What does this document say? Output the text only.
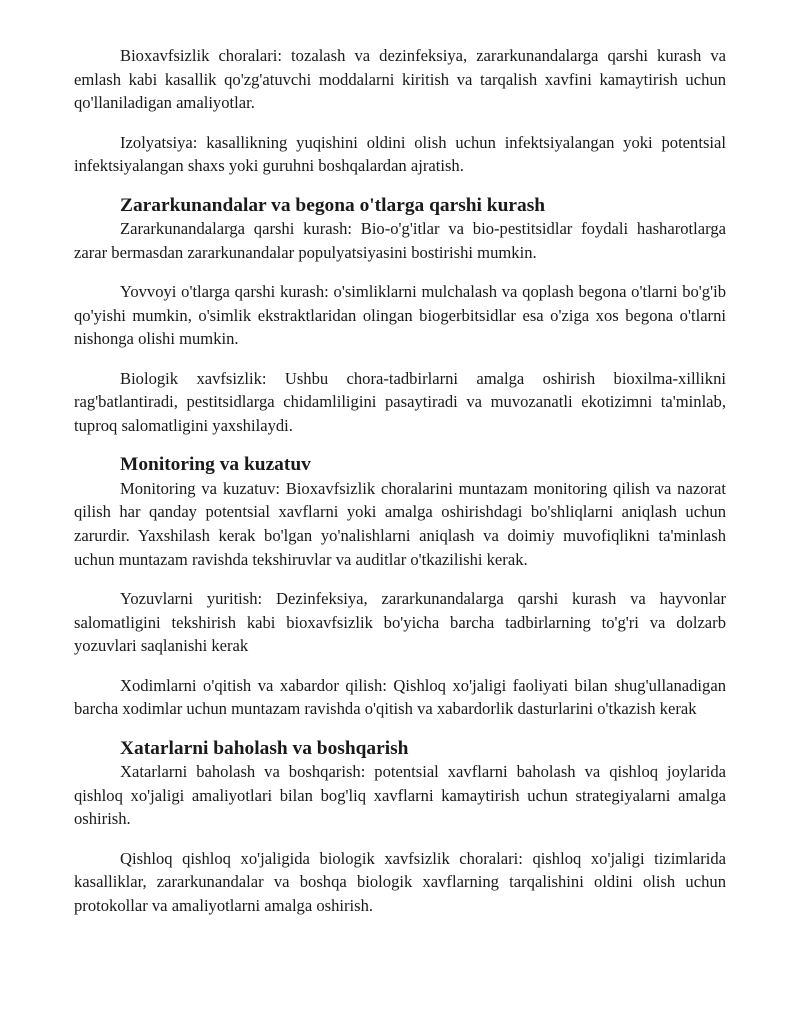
Bioxavfsizlik choralari: tozalash va dezinfeksiya, zararkunandalarga qarshi kurash va emlash kabi kasallik qo'zg'atuvchi moddalarni kiritish va tarqalish xavfini kamaytirish uchun qo'llaniladigan amaliyotlar.

Izolyatsiya: kasallikning yuqishini oldini olish uchun infektsiyalangan yoki potentsial infektsiyalangan shaxs yoki guruhni boshqalardan ajratish.

Zararkunandalar va begona o'tlarga qarshi kurash

Zararkunandalarga qarshi kurash: Bio-o'g'itlar va bio-pestitsidlar foydali hasharotlarga zarar bermasdan zararkunandalar populyatsiyasini bostirishi mumkin.

Yovvoyi o'tlarga qarshi kurash: o'simliklarni mulchalash va qoplash begona o'tlarni bo'g'ib qo'yishi mumkin, o'simlik ekstraktlaridan olingan biogerbitsidlar esa o'ziga xos begona o'tlarni nishonga olishi mumkin.

Biologik xavfsizlik: Ushbu chora-tadbirlarni amalga oshirish bioxilma-xillikni rag'batlantiradi, pestitsidlarga chidamliligini pasaytiradi va muvozanatli ekotizimni ta'minlab, tuproq salomatligini yaxshilaydi.

Monitoring va kuzatuv

Monitoring va kuzatuv: Bioxavfsizlik choralarini muntazam monitoring qilish va nazorat qilish har qanday potentsial xavflarni yoki amalga oshirishdagi bo'shliqlarni aniqlash uchun zarurdir. Yaxshilash kerak bo'lgan yo'nalishlarni aniqlash va doimiy muvofiqlikni ta'minlash uchun muntazam ravishda tekshiruvlar va auditlar o'tkazilishi kerak.

Yozuvlarni yuritish: Dezinfeksiya, zararkunandalarga qarshi kurash va hayvonlar salomatligini tekshirish kabi bioxavfsizlik bo'yicha barcha tadbirlarning to'g'ri va dolzarb yozuvlari saqlanishi kerak

Xodimlarni o'qitish va xabardor qilish: Qishloq xo'jaligi faoliyati bilan shug'ullanadigan barcha xodimlar uchun muntazam ravishda o'qitish va xabardorlik dasturlarini o'tkazish kerak

Xatarlarni baholash va boshqarish

Xatarlarni baholash va boshqarish: potentsial xavflarni baholash va qishloq joylarida qishloq xo'jaligi amaliyotlari bilan bog'liq xavflarni kamaytirish uchun strategiyalarni amalga oshirish.

Qishloq qishloq xo'jaligida biologik xavfsizlik choralari: qishloq xo'jaligi tizimlarida kasalliklar, zararkunandalar va boshqa biologik xavflarning tarqalishini oldini olish uchun protokollar va amaliyotlarni amalga oshirish.
